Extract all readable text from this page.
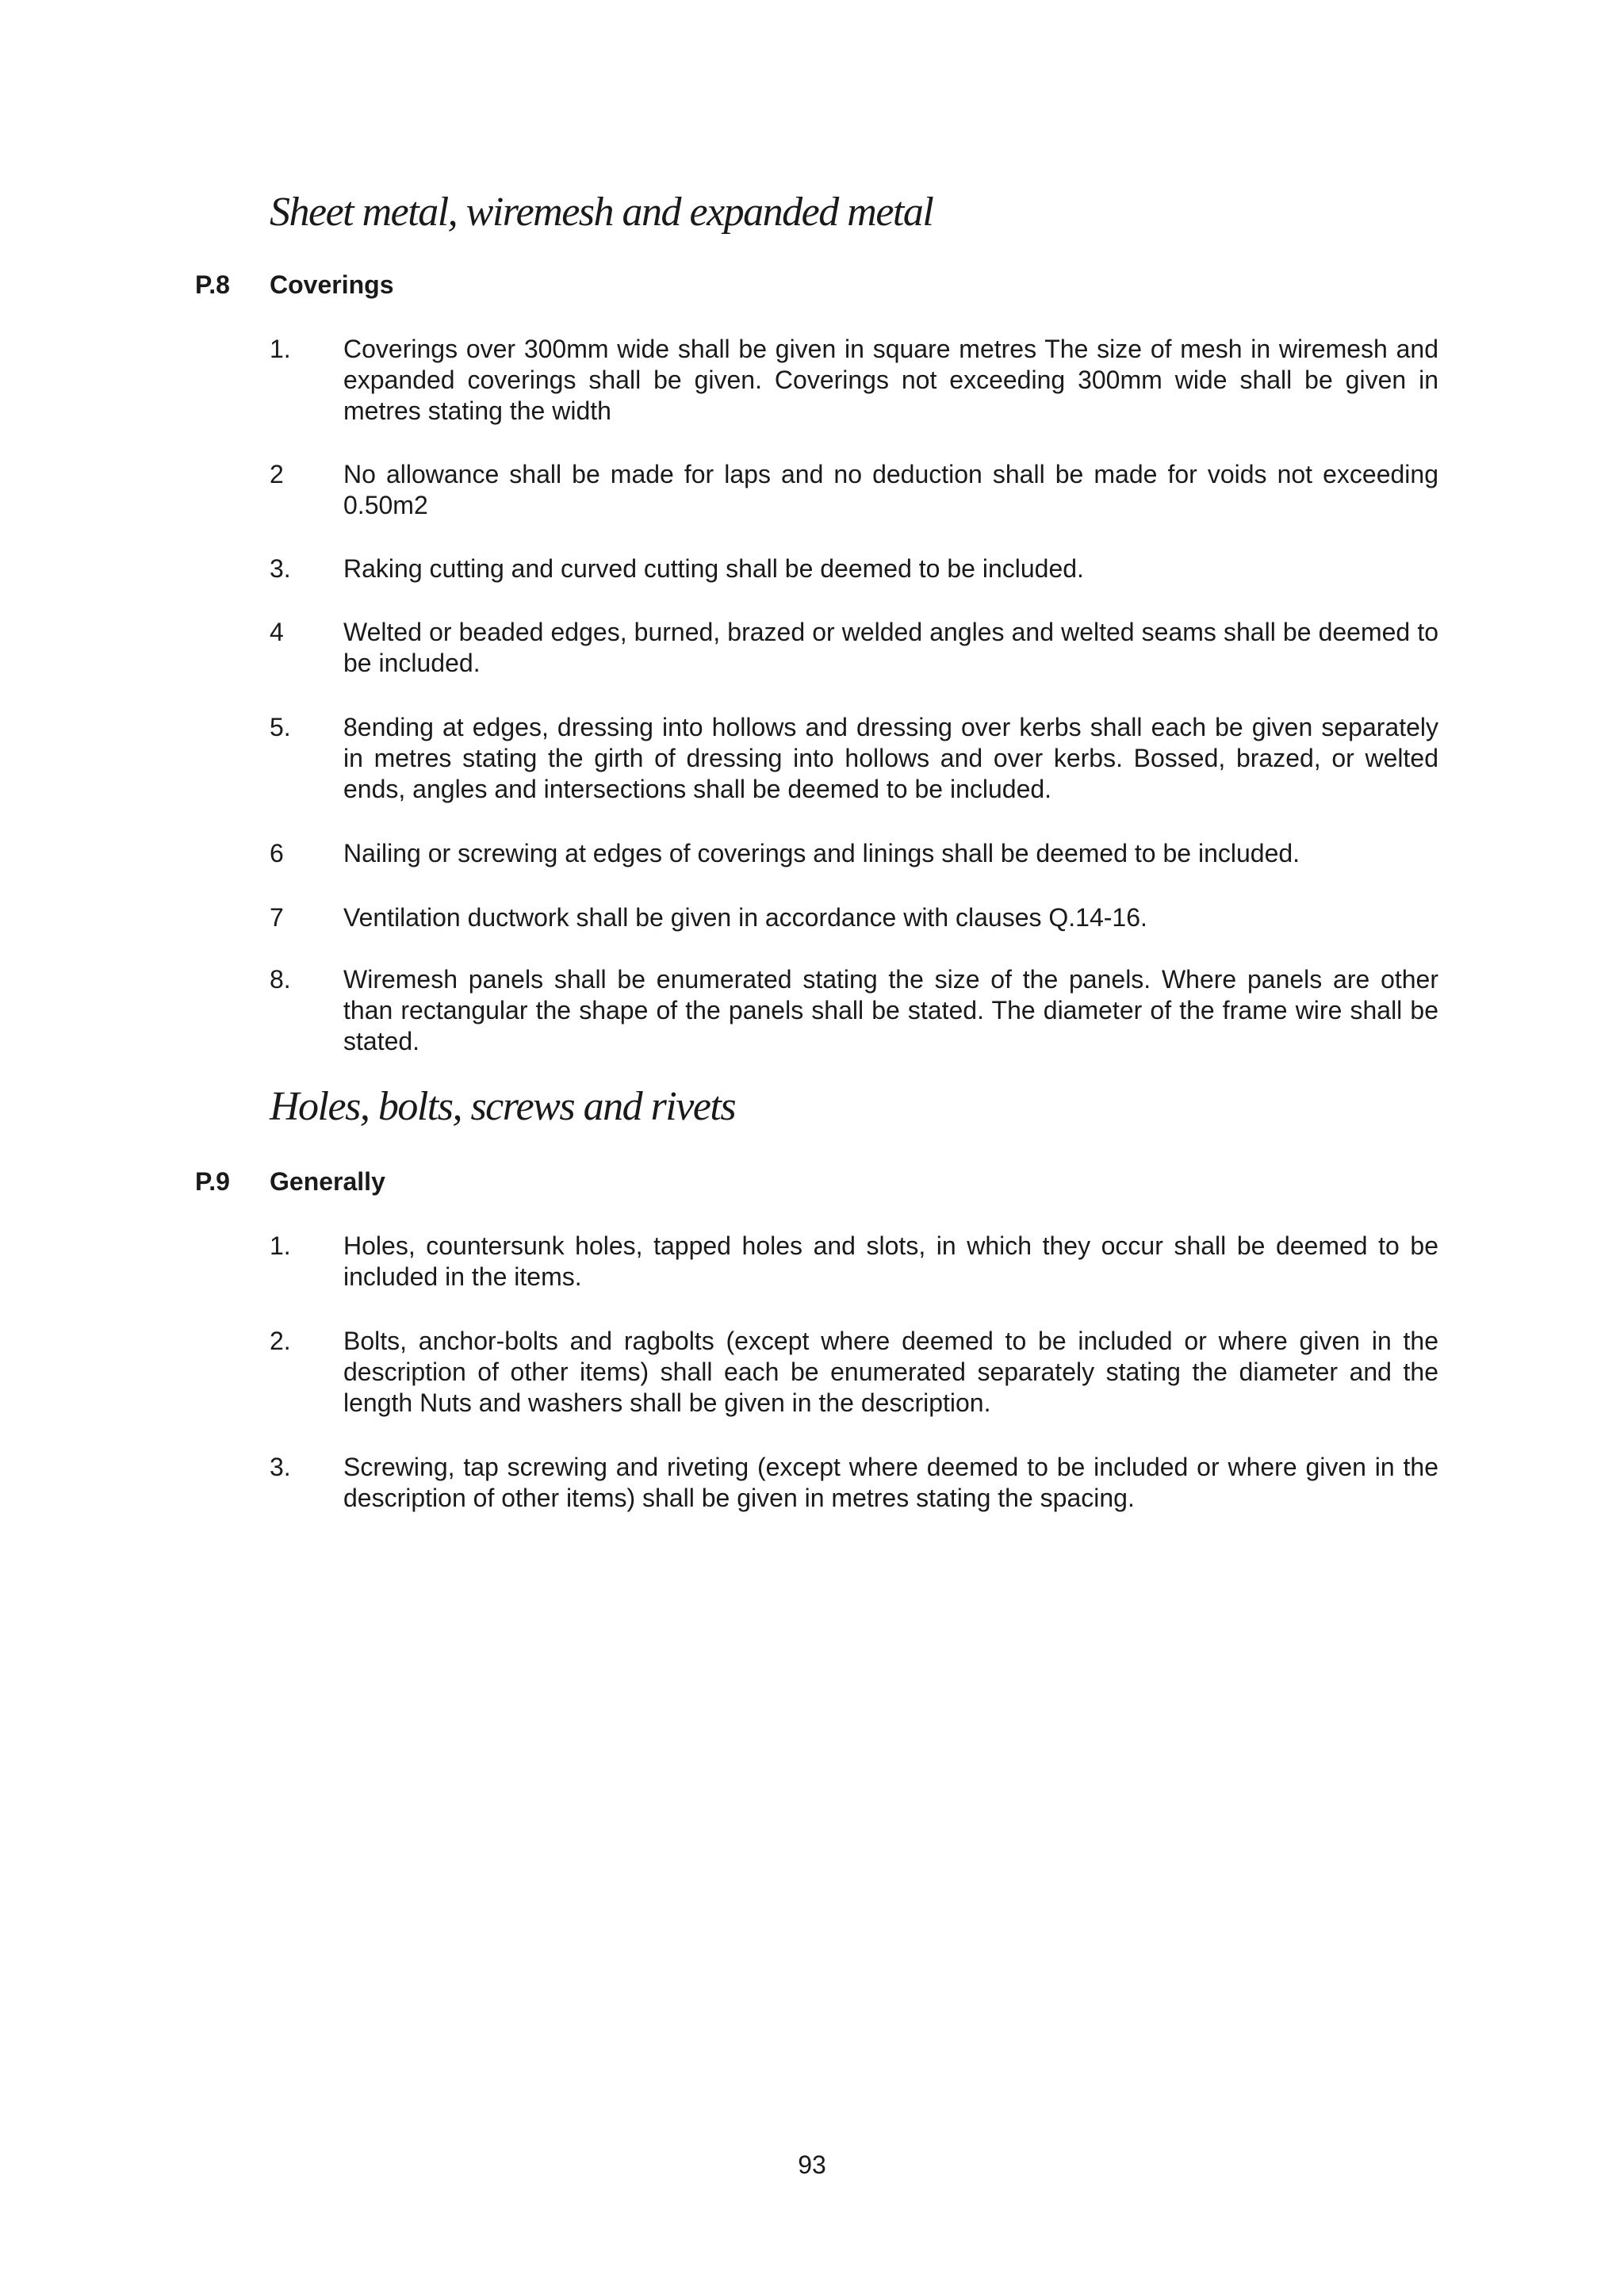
Sheet metal, wiremesh and expanded metal
P.8 Coverings
1. Coverings over 300mm wide shall be given in square metres The size of mesh in wiremesh and expanded coverings shall be given. Coverings not exceeding 300mm wide shall be given in metres stating the width
2 No allowance shall be made for laps and no deduction shall be made for voids not exceeding 0.50m2
3. Raking cutting and curved cutting shall be deemed to be included.
4 Welted or beaded edges, burned, brazed or welded angles and welted seams shall be deemed to be included.
5. 8ending at edges, dressing into hollows and dressing over kerbs shall each be given separately in metres stating the girth of dressing into hollows and over kerbs. Bossed, brazed, or welted ends, angles and intersections shall be deemed to be included.
6 Nailing or screwing at edges of coverings and linings shall be deemed to be included.
7 Ventilation ductwork shall be given in accordance with clauses Q.14-16.
8. Wiremesh panels shall be enumerated stating the size of the panels. Where panels are other than rectangular the shape of the panels shall be stated. The diameter of the frame wire shall be stated.
Holes, bolts, screws and rivets
P.9 Generally
1. Holes, countersunk holes, tapped holes and slots, in which they occur shall be deemed to be included in the items.
2. Bolts, anchor-bolts and ragbolts (except where deemed to be included or where given in the description of other items) shall each be enumerated separately stating the diameter and the length Nuts and washers shall be given in the description.
3. Screwing, tap screwing and riveting (except where deemed to be included or where given in the description of other items) shall be given in metres stating the spacing.
93
